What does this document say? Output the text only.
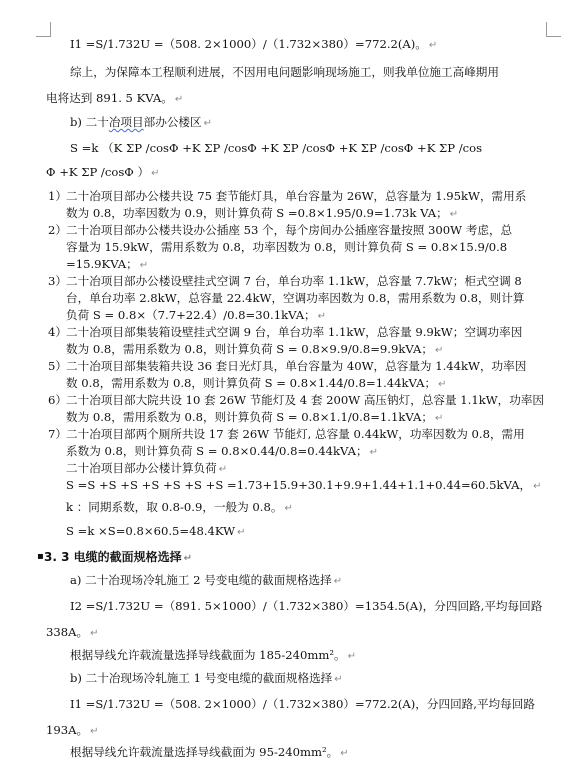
I1 =S/1.732U =（508. 2×1000）/（1.732×380）=772.2(A)。 ↵
综上，为保障本工程顺利进展，不因用电问题影响现场施工，则我单位施工高峰期用
电将达到 891. 5 KVA。 ↵
b) 二十冶项目部办公楼区 ↵
S =k （K ΣP /cosΦ +K ΣP /cosΦ +K ΣP /cosΦ +K ΣP /cosΦ +K ΣP /cos
Φ +K ΣP /cosΦ ） ↵
1） 二十冶项目部办公楼共设 75 套节能灯具，单台容量为 26W，总容量为 1.95kW，需用系
数为 0.8，功率因数为 0.9，则计算负荷 S =0.8×1.95/0.9=1.73k VA； ↵
2） 二十冶项目部办公楼共设办公插座 53 个，每个房间办公插座容量按照 300W 考虑，总
容量为 15.9kW，需用系数为 0.8，功率因数为 0.8，则计算负荷 S = 0.8×15.9/0.8
=15.9KVA； ↵
3） 二十冶项目部办公楼设壁挂式空调 7 台，单台功率 1.1kW，总容量 7.7kW；柜式空调 8
台，单台功率 2.8kW，总容量 22.4kW，空调功率因数为 0.8，需用系数为 0.8，则计算
负荷 S = 0.8×（7.7+22.4）/0.8=30.1kVA； ↵
4） 二十冶项目部集装箱设壁挂式空调 9 台，单台功率 1.1kW，总容量 9.9kW；空调功率因
数为 0.8，需用系数为 0.8，则计算负荷 S = 0.8×9.9/0.8=9.9kVA； ↵
5） 二十冶项目部集装箱共设 36 套日光灯具，单台容量为 40W，总容量为 1.44kW，功率因
数 0.8，需用系数为 0.8，则计算负荷 S = 0.8×1.44/0.8=1.44kVA； ↵
6） 二十冶项目部大院共设 10 套 26W 节能灯及 4 套 200W 高压钠灯，总容量 1.1kW，功率因
数为 0.8，需用系数为 0.8，则计算负荷 S = 0.8×1.1/0.8=1.1kVA； ↵
7） 二十冶项目部两个厕所共设 17 套 26W 节能灯, 总容量 0.44kW，功率因数为 0.8，需用
系数为 0.8，则计算负荷 S = 0.8×0.44/0.8=0.44kVA； ↵
二十冶项目部办公楼计算负荷 ↵
S =S +S +S +S +S +S +S =1.73+15.9+30.1+9.9+1.44+1.1+0.44=60.5kVA， ↵
k ：同期系数，取 0.8-0.9，一般为 0.8。 ↵
S =k ×S=0.8×60.5=48.4KW ↵
▪ 3. 3 电缆的截面规格选择 ↵
a) 二十冶现场冷轧施工 2 号变电缆的截面规格选择 ↵
I2 =S/1.732U =（891. 5×1000）/（1.732×380）=1354.5(A)，分四回路,平均每回路
338A。 ↵
根据导线允许载流量选择导线截面为 185-240mm²。 ↵
b) 二十冶现场冷轧施工 1 号变电缆的截面规格选择 ↵
I1 =S/1.732U =（508. 2×1000）/（1.732×380）=772.2(A)，分四回路,平均每回路
193A。 ↵
根据导线允许载流量选择导线截面为 95-240mm²。 ↵
